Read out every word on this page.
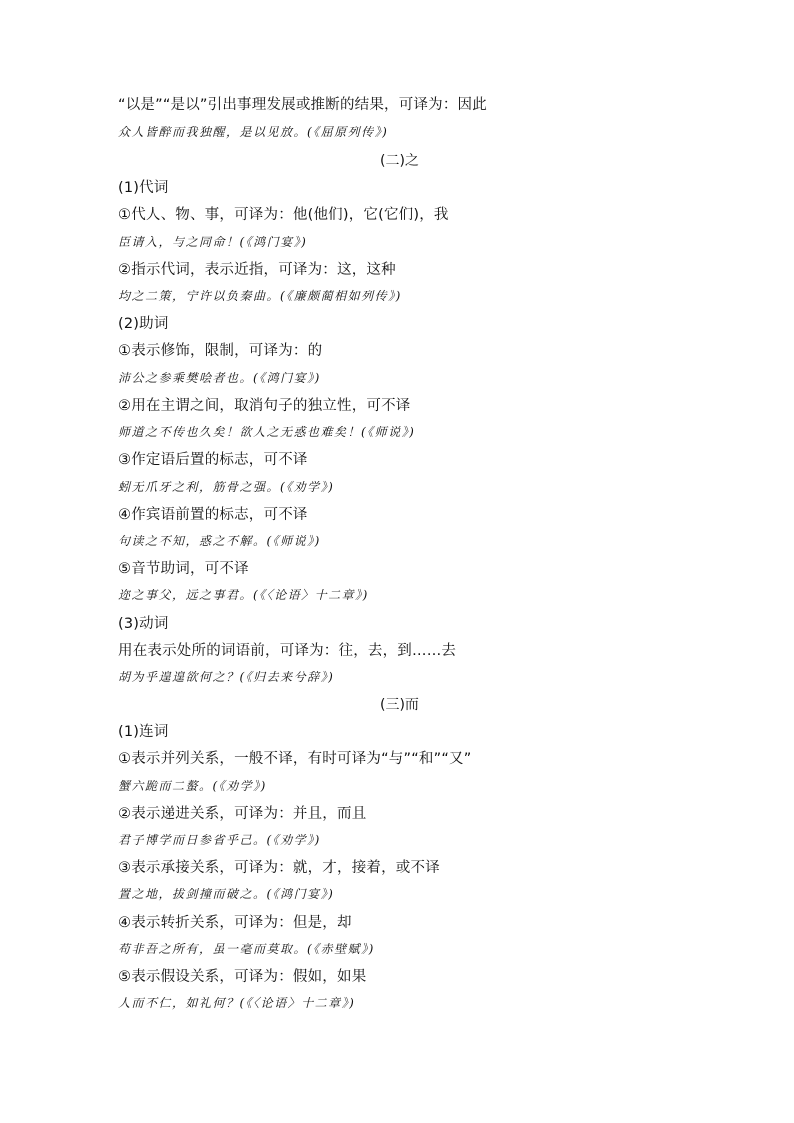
“以是”“是以”引出事理发展或推断的结果，可译为：因此
众人皆醉而我独醒，是以见放。(《屈原列传》)
(二)之
(1)代词
①代人、物、事，可译为：他(他们)，它(它们)，我
臣请入，与之同命！(《鸿门宴》)
②指示代词，表示近指，可译为：这，这种
均之二策，宁许以负秦曲。(《廉颇蔺相如列传》)
(2)助词
①表示修饰，限制，可译为：的
沛公之参乘樊哙者也。(《鸿门宴》)
②用在主谓之间，取消句子的独立性，可不译
师道之不传也久矣！欲人之无惑也难矣！(《师说》)
③作定语后置的标志，可不译
蚓无爪牙之利，筋骨之强。(《劝学》)
④作宾语前置的标志，可不译
句读之不知，惑之不解。(《师说》)
⑤音节助词，可不译
迩之事父，远之事君。(《〈论语〉十二章》)
(3)动词
用在表示处所的词语前，可译为：往，去，到……去
胡为乎遑遑欲何之？(《归去来兮辞》)
(三)而
(1)连词
①表示并列关系，一般不译，有时可译为“与”“和”“又”
蟹六跪而二螯。(《劝学》)
②表示递进关系，可译为：并且，而且
君子博学而日参省乎己。(《劝学》)
③表示承接关系，可译为：就，才，接着，或不译
置之地，拔剑撞而破之。(《鸿门宴》)
④表示转折关系，可译为：但是，却
苟非吾之所有，虽一毫而莫取。(《赤壁赋》)
⑤表示假设关系，可译为：假如，如果
人而不仁，如礼何？(《〈论语〉十二章》)
